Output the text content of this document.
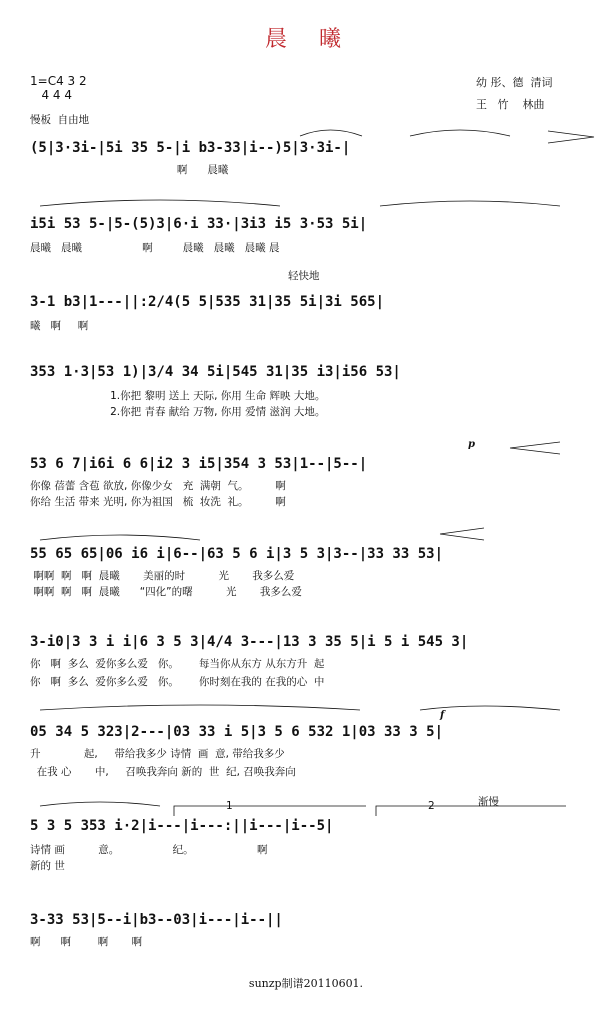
晨  曦
1=C4 3 2
4 4 4
幼 彤、德  清词
王   竹    林曲
慢板  自由地
轻快地
渐慢
(5|3·3i-|5i 35 5-|i b3-33|i--)5|3·3i-|
啊      晨曦
i5i 53 5-|5-(5)3|6·i 33·|3i3 i5 3·53 5i|
晨曦   晨曦                  啊         晨曦   晨曦   晨曦 晨
3-1 b3|1---||:2/4(5 5|535 31|35 5i|3i 565|
曦   啊     啊
353 1·3|53 1)|3/4 34 5i|545 31|35 i3|i56 53|
1.你把 黎明 送上 天际, 你用 生命 辉映 大地。
2.你把 青春 献给 万物, 你用 爱情 滋润 大地。
53 6 7|i6i 6 6|i2 3 i5|354 3 53|1--|5--|
你像 蓓蕾 含苞 欲放, 你像少女   充  满朝  气。        啊
你给 生活 带来 光明, 你为祖国   梳  妆洗  礼。        啊
55 65 65|06 i6 i|6--|63 5 6 i|3 5 3|3--|33 33 53|
啊啊  啊   啊  晨曦       美丽的时          光       我多么爱
啊啊  啊   啊  晨曦      “四化”的曙          光       我多么爱
3-i0|3 3 i i|6 3 5 3|4/4 3---|13 3 35 5|i 5 i 545 3|
你   啊  多么  爱你多么爱   你。      每当你从东方 从东方升  起
你   啊  多么  爱你多么爱   你。      你时刻在我的 在我的心  中
05 34 5 323|2---|03 33 i 5|3 5 6 532 1|03 33 3 5|
升             起,     带给我多少 诗情  画  意, 带给我多少
在我 心       中,     召唤我奔向 新的  世  纪, 召唤我奔向
1	2
5 3 5 353 i·2|i---|i---:||i---|i--5|
诗情 画          意。                纪。                   啊
新的 世
3-33 53|5--i|b3--03|i---|i--||
啊      啊        啊       啊
sunzp制谱20110601.
p
f
